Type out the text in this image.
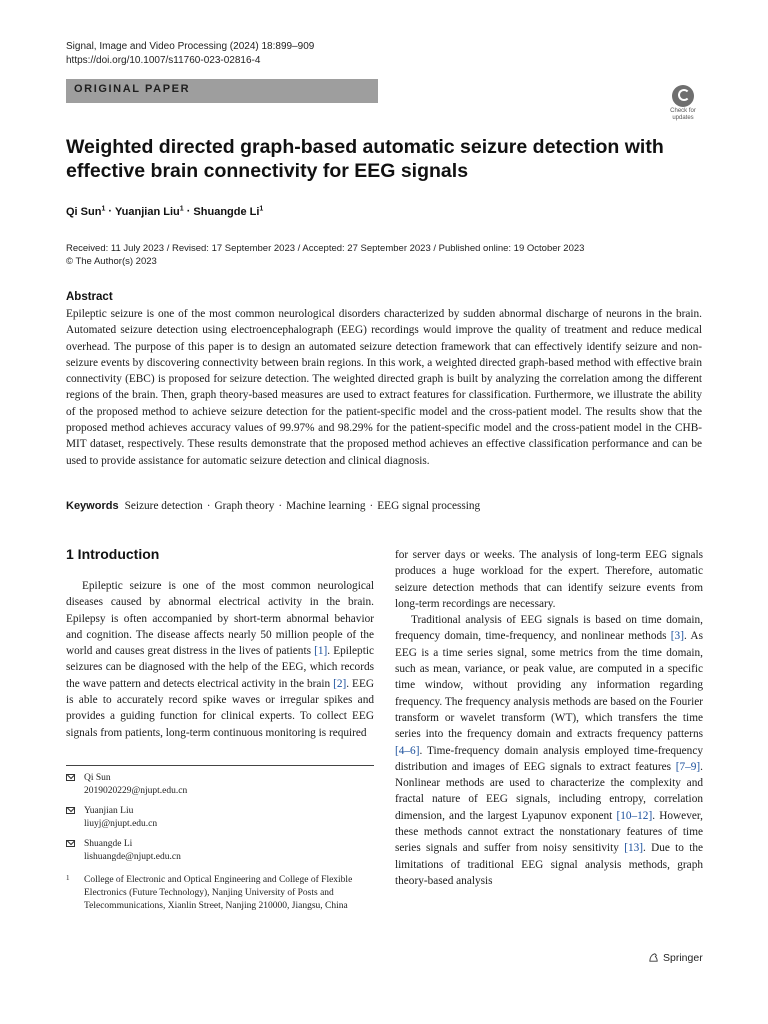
Signal, Image and Video Processing (2024) 18:899–909
https://doi.org/10.1007/s11760-023-02816-4
ORIGINAL PAPER
Check for updates
Weighted directed graph-based automatic seizure detection with effective brain connectivity for EEG signals
Qi Sun$^1$ · Yuanjian Liu$^1$ · Shuangde Li$^1$
Received: 11 July 2023 / Revised: 17 September 2023 / Accepted: 27 September 2023 / Published online: 19 October 2023
© The Author(s) 2023
Abstract
Epileptic seizure is one of the most common neurological disorders characterized by sudden abnormal discharge of neurons in the brain. Automated seizure detection using electroencephalograph (EEG) recordings would improve the quality of treatment and reduce medical overhead. The purpose of this paper is to design an automated seizure detection framework that can effectively identify seizure and non-seizure events by discovering connectivity between brain regions. In this work, a weighted directed graph-based method with effective brain connectivity (EBC) is proposed for seizure detection. The weighted directed graph is built by analyzing the correlation among the different regions of the brain. Then, graph theory-based measures are used to extract features for classification. Furthermore, we illustrate the ability of the proposed method to achieve seizure detection for the patient-specific model and the cross-patient model. The results show that the proposed method achieves accuracy values of 99.97% and 98.29% for the patient-specific model and the cross-patient model in the CHB-MIT dataset, respectively. These results demonstrate that the proposed method achieves an effective classification performance and can be used to provide assistance for automatic seizure detection and clinical diagnosis.
Keywords Seizure detection · Graph theory · Machine learning · EEG signal processing
1 Introduction
Epileptic seizure is one of the most common neurological diseases caused by abnormal electrical activity in the brain. Epilepsy is often accompanied by short-term abnormal behavior and cognition. The disease affects nearly 50 million people of the world and causes great distress in the lives of patients [1]. Epileptic seizures can be diagnosed with the help of the EEG, which records the wave pattern and detects electrical activity in the brain [2]. EEG is able to accurately record spike waves or irregular spikes and provides a guiding function for clinical experts. To collect EEG signals from patients, long-term continuous monitoring is required
for server days or weeks. The analysis of long-term EEG signals produces a huge workload for the expert. Therefore, automatic seizure detection methods that can identify seizure events from long-term recordings are necessary.
Traditional analysis of EEG signals is based on time domain, frequency domain, time-frequency, and nonlinear methods [3]. As EEG is a time series signal, some metrics from the time domain, such as mean, variance, or peak value, are computed in a specific time window, without providing any information regarding frequency. The frequency analysis methods are based on the Fourier transform or wavelet transform (WT), which transfers the time series into the frequency domain and extracts frequency patterns [4–6]. Time-frequency domain analysis employed time-frequency distribution and images of EEG signals to extract features [7–9]. Nonlinear methods are used to characterize the complexity and fractal nature of EEG signals, including entropy, correlation dimension, and the largest Lyapunov exponent [10–12]. However, these methods cannot extract the nonstationary features of time series signals and suffer from noisy sensitivity [13]. Due to the limitations of traditional EEG signal analysis methods, graph theory-based analysis
Qi Sun
2019020229@njupt.edu.cn
Yuanjian Liu
liuyj@njupt.edu.cn
Shuangde Li
lishuangde@njupt.edu.cn
1 College of Electronic and Optical Engineering and College of Flexible Electronics (Future Technology), Nanjing University of Posts and Telecommunications, Xianlin Street, Nanjing 210000, Jiangsu, China
Springer
